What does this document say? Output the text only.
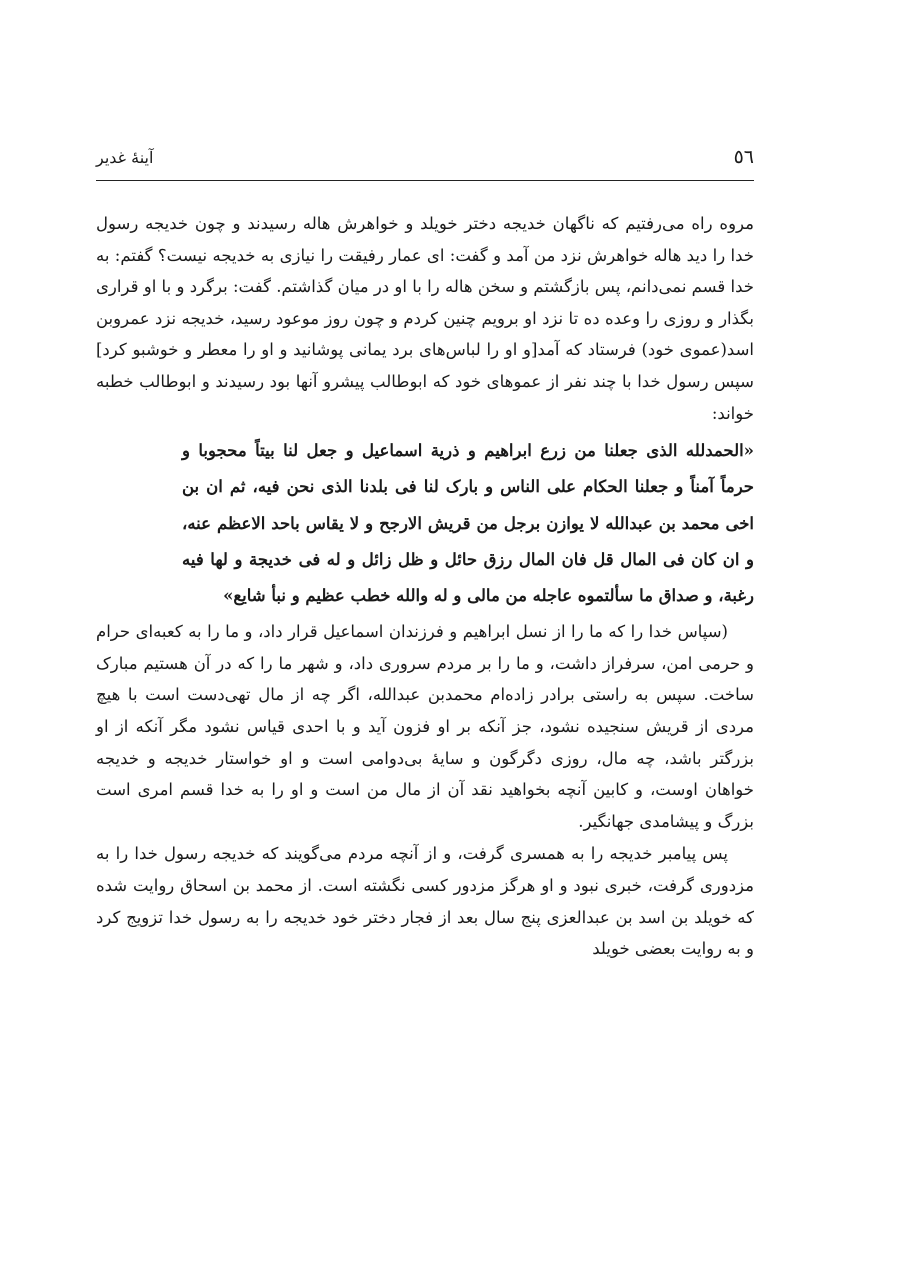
٥٦
آینهٔ غدیر

مروه راه می‌رفتیم که ناگهان خدیجه دختر خویلد و خواهرش هاله رسیدند و چون خدیجه رسول خدا را دید هاله خواهرش نزد من آمد و گفت: ای عمار رفیقت را نیازی به خدیجه نیست؟ گفتم: به خدا قسم نمی‌دانم، پس بازگشتم و سخن هاله را با او در میان گذاشتم. گفت: برگرد و با او قراری بگذار و روزی را وعده ده تا نزد او برویم چنین کردم و چون روز موعود رسید، خدیجه نزد عمروبن اسد(عموی خود) فرستاد که آمد[و او را لباس‌های برد یمانی پوشانید و او را معطر و خوشبو کرد] سپس رسول خدا با چند نفر از عموهای خود که ابوطالب پیشرو آنها بود رسیدند و ابوطالب خطبه خواند:

«الحمدلله الذی جعلنا من زرع ابراهیم و ذریة اسماعیل و جعل لنا بیتاً محجوبا و حرماً آمناً و جعلنا الحکام علی الناس و بارک لنا فی بلدنا الذی نحن فیه، ثم ان بن اخی محمد بن عبدالله لا یوازن برجل من قریش الارجح و لا یقاس باحد الاعظم عنه، و ان کان فی المال قل فان المال رزق حائل و ظل زائل و له فی خدیجة و لها فیه رغبة، و صداق ما سألتموه عاجله من مالی و له والله خطب عظیم و نبأ شایع»

(سپاس خدا را که ما را از نسل ابراهیم و فرزندان اسماعیل قرار داد، و ما را به کعبه‌ای حرام و حرمی امن، سرفراز داشت، و ما را بر مردم سروری داد، و شهر ما را که در آن هستیم مبارک ساخت. سپس به راستی برادر زاده‌ام محمدبن عبدالله، اگر چه از مال تهی‌دست است با هیچ مردی از قریش سنجیده نشود، جز آنکه بر او فزون آید و با احدی قیاس نشود مگر آنکه از او بزرگتر باشد، چه مال، روزی دگرگون و سایهٔ بی‌دوامی است و او خواستار خدیجه و خدیجه خواهان اوست، و کابین آنچه بخواهید نقد آن از مال من است و او را به خدا قسم امری است بزرگ و پیشامدی جهانگیر.

پس پیامبر خدیجه را به همسری گرفت، و از آنچه مردم می‌گویند که خدیجه رسول خدا را به مزدوری گرفت، خبری نبود و او هرگز مزدور کسی نگشته است. از محمد بن اسحاق روایت شده که خویلد بن اسد بن عبدالعزی پنج سال بعد از فجار دختر خود خدیجه را به رسول خدا تزویج کرد و به روایت بعضی خویلد
